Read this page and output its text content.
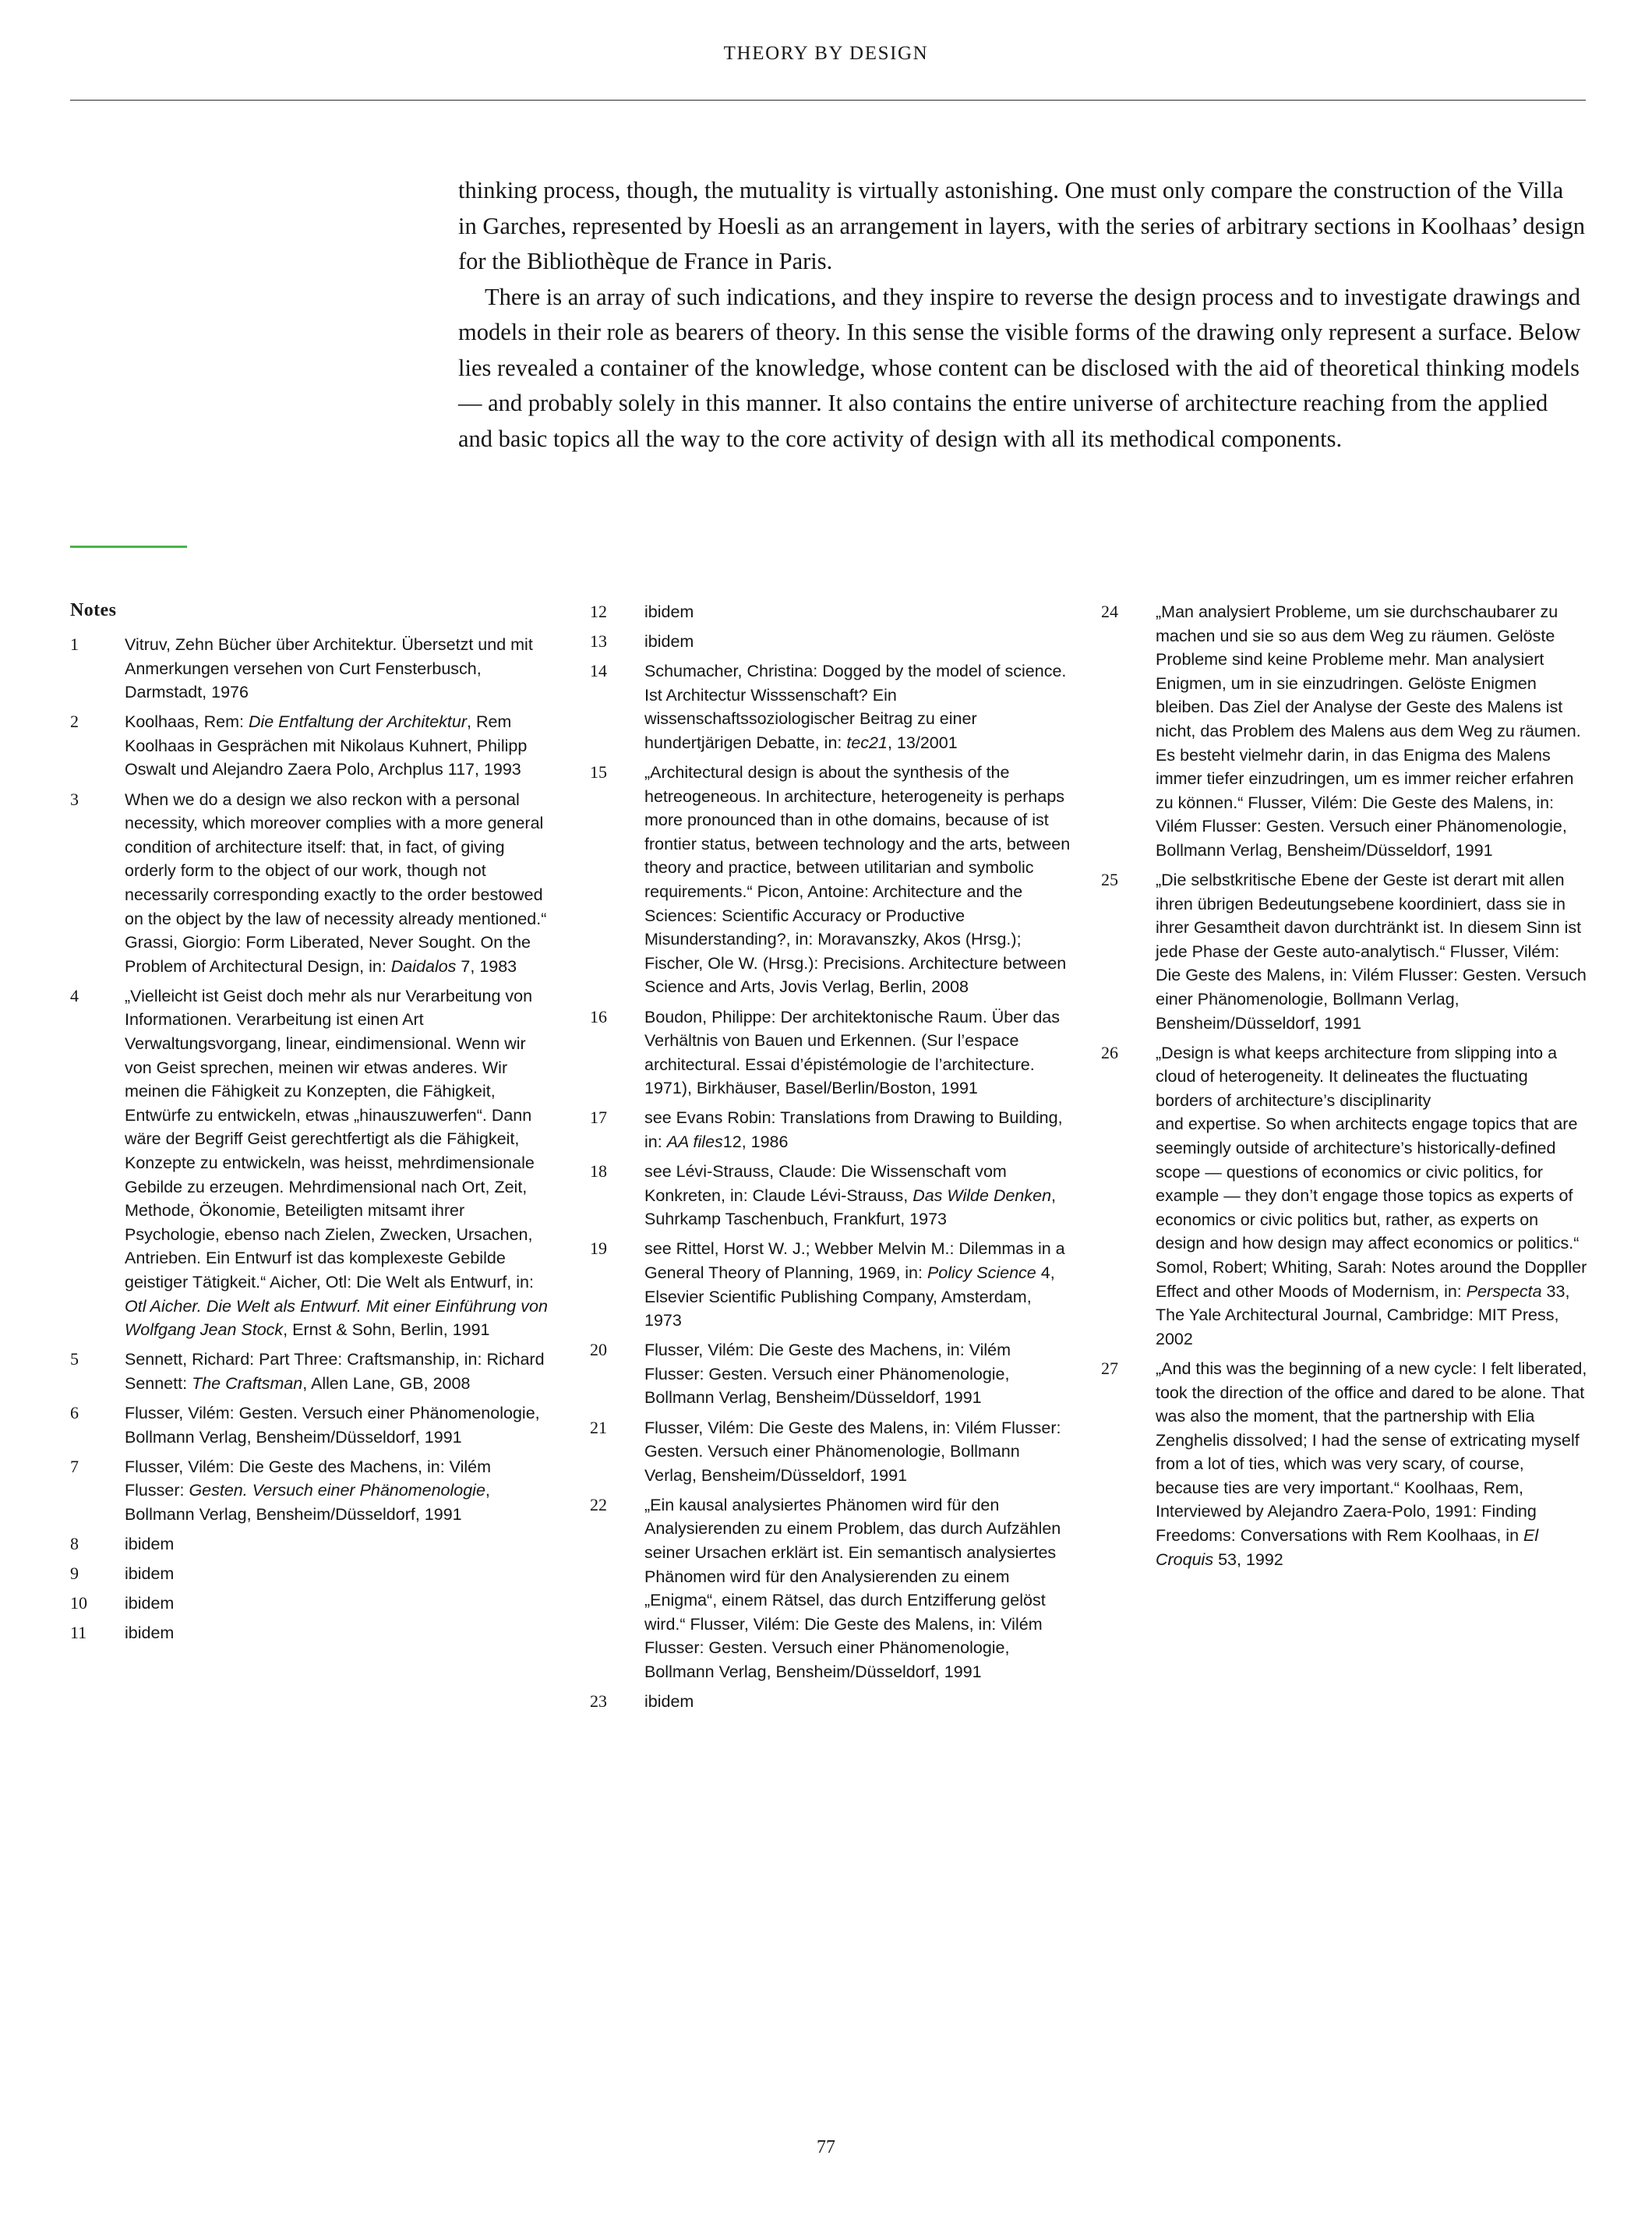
THEORY BY DESIGN

thinking process, though, the mutuality is virtually astonishing. One must only compare the construction of the Villa in Garches, represented by Hoesli as an arrangement in layers, with the series of arbitrary sections in Koolhaas’ design for the Bibliothèque de France in Paris.

There is an array of such indications, and they inspire to reverse the design process and to investigate drawings and models in their role as bearers of theory. In this sense the visible forms of the drawing only represent a surface. Below lies revealed a container of the knowledge, whose content can be disclosed with the aid of theoretical thinking models — and probably solely in this manner. It also contains the entire universe of architecture reaching from the applied and basic topics all the way to the core activity of design with all its methodical components.

Notes
1	Vitruv, Zehn Bücher über Architektur. Übersetzt und mit Anmerkungen versehen von Curt Fensterbusch, Darmstadt, 1976
2	Koolhaas, Rem: Die Entfaltung der Architektur, Rem Koolhaas in Gesprächen mit Nikolaus Kuhnert, Philipp Oswalt und Alejandro Zaera Polo, Archplus 117, 1993
3	When we do a design we also reckon with a personal necessity, which moreover complies with a more general condition of architecture itself: that, in fact, of giving orderly form to the object of our work, though not necessarily corresponding exactly to the order bestowed on the object by the law of necessity already mentioned.“ Grassi, Giorgio: Form Liberated, Never Sought. On the Problem of Architectural Design, in: Daidalos 7, 1983
4	„Vielleicht ist Geist doch mehr als nur Verarbeitung von Informationen. Verarbeitung ist einen Art Verwaltungsvorgang, linear, eindimensional. Wenn wir von Geist sprechen, meinen wir etwas anderes. Wir meinen die Fähigkeit zu Konzepten, die Fähigkeit, Entwürfe zu entwickeln, etwas „hinauszuwerfen“. Dann wäre der Begriff Geist gerechtfertigt als die Fähigkeit, Konzepte zu entwickeln, was heisst, mehrdimensionale Gebilde zu erzeugen. Mehrdimensional nach Ort, Zeit, Methode, Ökonomie, Beteiligten mitsamt ihrer Psychologie, ebenso nach Zielen, Zwecken, Ursachen, Antrieben. Ein Entwurf ist das komplexeste Gebilde geistiger Tätigkeit.“ Aicher, Otl: Die Welt als Entwurf, in: Otl Aicher. Die Welt als Entwurf. Mit einer Einführung von Wolfgang Jean Stock, Ernst & Sohn, Berlin, 1991
5	Sennett, Richard: Part Three: Craftsmanship, in: Richard Sennett: The Craftsman, Allen Lane, GB, 2008
6	Flusser, Vilém: Gesten. Versuch einer Phänomenologie, Bollmann Verlag, Bensheim/Düsseldorf, 1991
7	Flusser, Vilém: Die Geste des Machens, in: Vilém Flusser: Gesten. Versuch einer Phänomenologie, Bollmann Verlag, Bensheim/Düsseldorf, 1991
8	ibidem
9	ibidem
10	ibidem
11	ibidem
12	ibidem
13	ibidem
14	Schumacher, Christina: Dogged by the model of science. Ist Architectur Wisssenschaft? Ein wissenschaftssoziologischer Beitrag zu einer hundertjärigen Debatte, in: tec21, 13/2001
15	„Architectural design is about the synthesis of the hetreogeneous. In architecture, heterogeneity is perhaps more pronounced than in othe domains, because of ist frontier status, between technology and the arts, between theory and practice, between utilitarian and symbolic requirements.“ Picon, Antoine: Architecture and the Sciences: Scientific Accuracy or Productive Misunderstanding?, in: Moravanszky, Akos (Hrsg.); Fischer, Ole W. (Hrsg.): Precisions. Architecture between Science and Arts, Jovis Verlag, Berlin, 2008
16	Boudon, Philippe: Der architektonische Raum. Über das Verhältnis von Bauen und Erkennen. (Sur l’espace architectural. Essai d’épistémologie de l’architecture. 1971), Birkhäuser, Basel/Berlin/Boston, 1991
17	see Evans Robin: Translations from Drawing to Building, in: AA files12, 1986
18	see Lévi-Strauss, Claude: Die Wissenschaft vom Konkreten, in: Claude Lévi-Strauss, Das Wilde Denken, Suhrkamp Taschenbuch, Frankfurt, 1973
19	see Rittel, Horst W. J.; Webber Melvin M.: Dilemmas in a General Theory of Planning, 1969, in: Policy Science 4, Elsevier Scientific Publishing Company, Amsterdam, 1973
20	Flusser, Vilém: Die Geste des Machens, in: Vilém Flusser: Gesten. Versuch einer Phänomenologie, Bollmann Verlag, Bensheim/Düsseldorf, 1991
21	Flusser, Vilém: Die Geste des Malens, in: Vilém Flusser: Gesten. Versuch einer Phänomenologie, Bollmann Verlag, Bensheim/Düsseldorf, 1991
22	„Ein kausal analysiertes Phänomen wird für den Analysierenden zu einem Problem, das durch Aufzählen seiner Ursachen erklärt ist. Ein semantisch analysiertes Phänomen wird für den Analysierenden zu einem „Enigma“, einem Rätsel, das durch Entzifferung gelöst wird.“ Flusser, Vilém: Die Geste des Malens, in: Vilém Flusser: Gesten. Versuch einer Phänomenologie, Bollmann Verlag, Bensheim/Düsseldorf, 1991
23	ibidem
24	„Man analysiert Probleme, um sie durchschaubarer zu machen und sie so aus dem Weg zu räumen. Gelöste Probleme sind keine Probleme mehr. Man analysiert Enigmen, um in sie einzudringen. Gelöste Enigmen bleiben. Das Ziel der Analyse der Geste des Malens ist nicht, das Problem des Malens aus dem Weg zu räumen. Es besteht vielmehr darin, in das Enigma des Malens immer tiefer einzudringen, um es immer reicher erfahren zu können.“ Flusser, Vilém: Die Geste des Malens, in: Vilém Flusser: Gesten. Versuch einer Phänomenologie, Bollmann Verlag, Bensheim/Düsseldorf, 1991
25	„Die selbstkritische Ebene der Geste ist derart mit allen ihren übrigen Bedeutungsebene koordiniert, dass sie in ihrer Gesamtheit davon durchtränkt ist. In diesem Sinn ist jede Phase der Geste auto-analytisch.“ Flusser, Vilém: Die Geste des Malens, in: Vilém Flusser: Gesten. Versuch einer Phänomenologie, Bollmann Verlag, Bensheim/Düsseldorf, 1991
26	„Design is what keeps architecture from slipping into a cloud of heterogeneity. It delineates the fluctuating borders of architecture’s disciplinarity
and expertise. So when architects engage topics that are seemingly outside of architecture’s historically-defined scope — questions of economics or civic politics, for example — they don’t engage those topics as experts of economics or civic politics but, rather, as experts on design and how design may affect economics or politics.“ Somol, Robert; Whiting, Sarah: Notes around the Doppller Effect and other Moods of Modernism, in: Perspecta 33, The Yale Architectural Journal, Cambridge: MIT Press, 2002
27	„And this was the beginning of a new cycle: I felt liberated, took the direction of the office and dared to be alone. That was also the moment, that the partnership with Elia Zenghelis dissolved; I had the sense of extricating myself from a lot of ties, which was very scary, of course, because ties are very important.“ Koolhaas, Rem, Interviewed by Alejandro Zaera-Polo, 1991: Finding Freedoms: Conversations with Rem Koolhaas, in El Croquis 53, 1992
77
